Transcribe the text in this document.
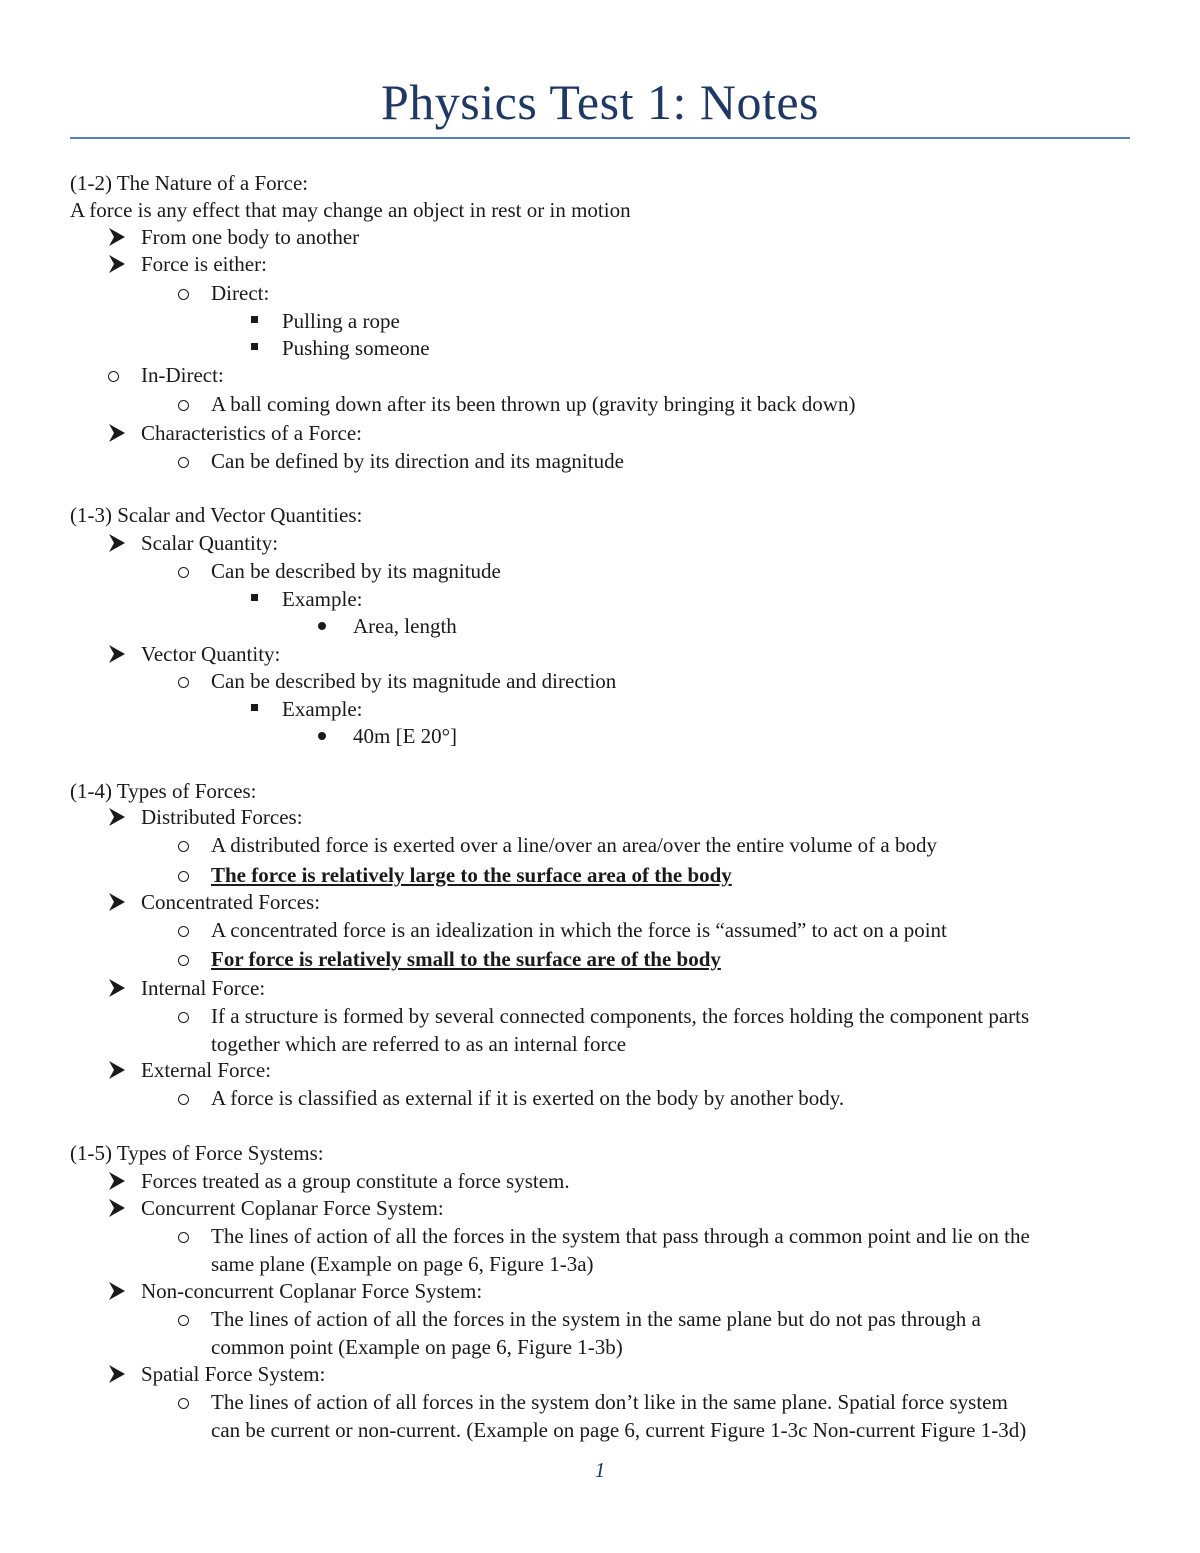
Physics Test 1: Notes
(1-2) The Nature of a Force:
A force is any effect that may change an object in rest or in motion
From one body to another
Force is either:
Direct:
Pulling a rope
Pushing someone
In-Direct:
A ball coming down after its been thrown up (gravity bringing it back down)
Characteristics of a Force:
Can be defined by its direction and its magnitude
(1-3) Scalar and Vector Quantities:
Scalar Quantity:
Can be described by its magnitude
Example:
Area, length
Vector Quantity:
Can be described by its magnitude and direction
Example:
40m [E 20°]
(1-4) Types of Forces:
Distributed Forces:
A distributed force is exerted over a line/over an area/over the entire volume of a body
The force is relatively large to the surface area of the body
Concentrated Forces:
A concentrated force is an idealization in which the force is “assumed” to act on a point
For force is relatively small to the surface are of the body
Internal Force:
If a structure is formed by several connected components, the forces holding the component parts
together which are referred to as an internal force
External Force:
A force is classified as external if it is exerted on the body by another body.
(1-5) Types of Force Systems:
Forces treated as a group constitute a force system.
Concurrent Coplanar Force System:
The lines of action of all the forces in the system that pass through a common point and lie on the
same plane (Example on page 6, Figure 1-3a)
Non-concurrent Coplanar Force System:
The lines of action of all the forces in the system in the same plane but do not pas through a
common point (Example on page 6, Figure 1-3b)
Spatial Force System:
The lines of action of all forces in the system don’t like in the same plane. Spatial force system
can be current or non-current. (Example on page 6, current Figure 1-3c Non-current Figure 1-3d)
1
